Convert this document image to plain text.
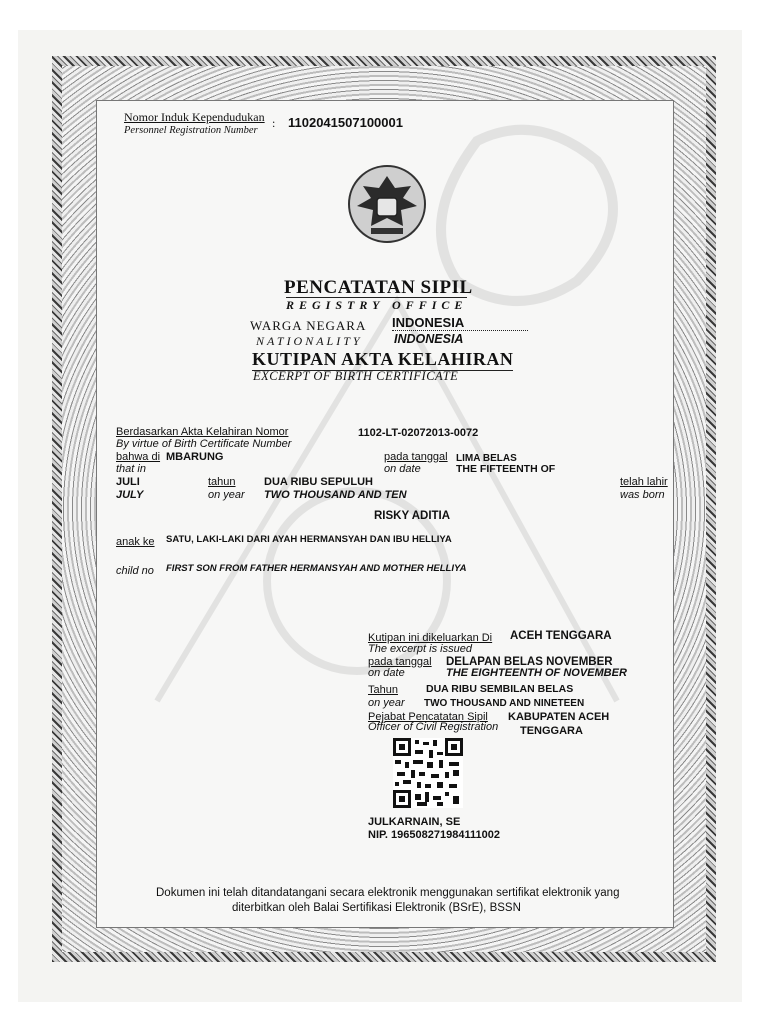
Nomor Induk Kependudukan
Personnel Registration Number
: 1102041507100001
PENCATATAN SIPIL
REGISTRY OFFICE
WARGA NEGARA INDONESIA
NATIONALITY	INDONESIA
KUTIPAN AKTA KELAHIRAN
EXCERPT OF BIRTH CERTIFICATE
Berdasarkan Akta Kelahiran Nomor
By virtue of Birth Certificate Number
1102-LT-02072013-0072
bahwa di MBARUNG
that in
pada tanggal LIMA BELAS
on date	THE FIFTEENTH OF
JULI
JULY
tahun
on year
DUA RIBU SEPULUH
TWO THOUSAND AND TEN
telah lahir
was born
RISKY ADITIA
anak ke SATU, LAKI-LAKI DARI AYAH HERMANSYAH DAN IBU HELLIYA
child no FIRST SON FROM FATHER HERMANSYAH AND MOTHER HELLIYA
Kutipan ini dikeluarkan Di ACEH TENGGARA
The excerpt is issued
pada tanggal DELAPAN BELAS NOVEMBER
on date	THE EIGHTEENTH OF NOVEMBER
Tahun	DUA RIBU SEMBILAN BELAS
on year TWO THOUSAND AND NINETEEN
Pejabat Pencatatan Sipil
Officer of Civil Registration
KABUPATEN ACEH
TENGGARA
JULKARNAIN, SE
NIP. 196508271984111002
Dokumen ini telah ditandatangani secara elektronik menggunakan sertifikat elektronik yang
diterbitkan oleh Balai Sertifikasi Elektronik (BSrE), BSSN
